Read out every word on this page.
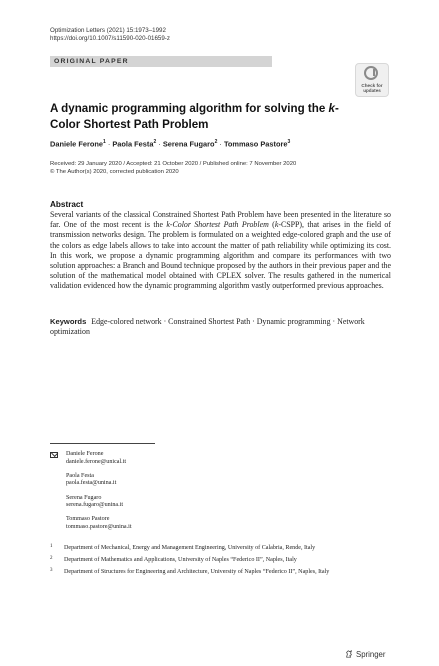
Optimization Letters (2021) 15:1973–1992
https://doi.org/10.1007/s11590-020-01659-z
ORIGINAL PAPER
Check for
updates
A dynamic programming algorithm for solving the k-Color Shortest Path Problem
Daniele Ferone$^1$ · Paola Festa$^2$ · Serena Fugaro$^2$ · Tommaso Pastore$^3$
Received: 29 January 2020 / Accepted: 21 October 2020 / Published online: 7 November 2020
© The Author(s) 2020, corrected publication 2020
Abstract
Several variants of the classical Constrained Shortest Path Problem have been presented in the literature so far. One of the most recent is the k-Color Shortest Path Problem (k-CSPP), that arises in the field of transmission networks design. The problem is formulated on a weighted edge-colored graph and the use of the colors as edge labels allows to take into account the matter of path reliability while optimizing its cost. In this work, we propose a dynamic programming algorithm and compare its performances with two solution approaches: a Branch and Bound technique proposed by the authors in their previous paper and the solution of the mathematical model obtained with CPLEX solver. The results gathered in the numerical validation evidenced how the dynamic programming algorithm vastly outperformed previous approaches.
Keywords Edge-colored network · Constrained Shortest Path · Dynamic programming · Network optimization
Daniele Ferone
daniele.ferone@unical.it
Paola Festa
paola.festa@unina.it
Serena Fugaro
serena.fugaro@unina.it
Tommaso Pastore
tommaso.pastore@unina.it
1 Department of Mechanical, Energy and Management Engineering, University of Calabria, Rende, Italy
2 Department of Mathematics and Applications, University of Naples “Federico II”, Naples, Italy
3 Department of Structures for Engineering and Architecture, University of Naples “Federico II”, Naples, Italy
Springer
